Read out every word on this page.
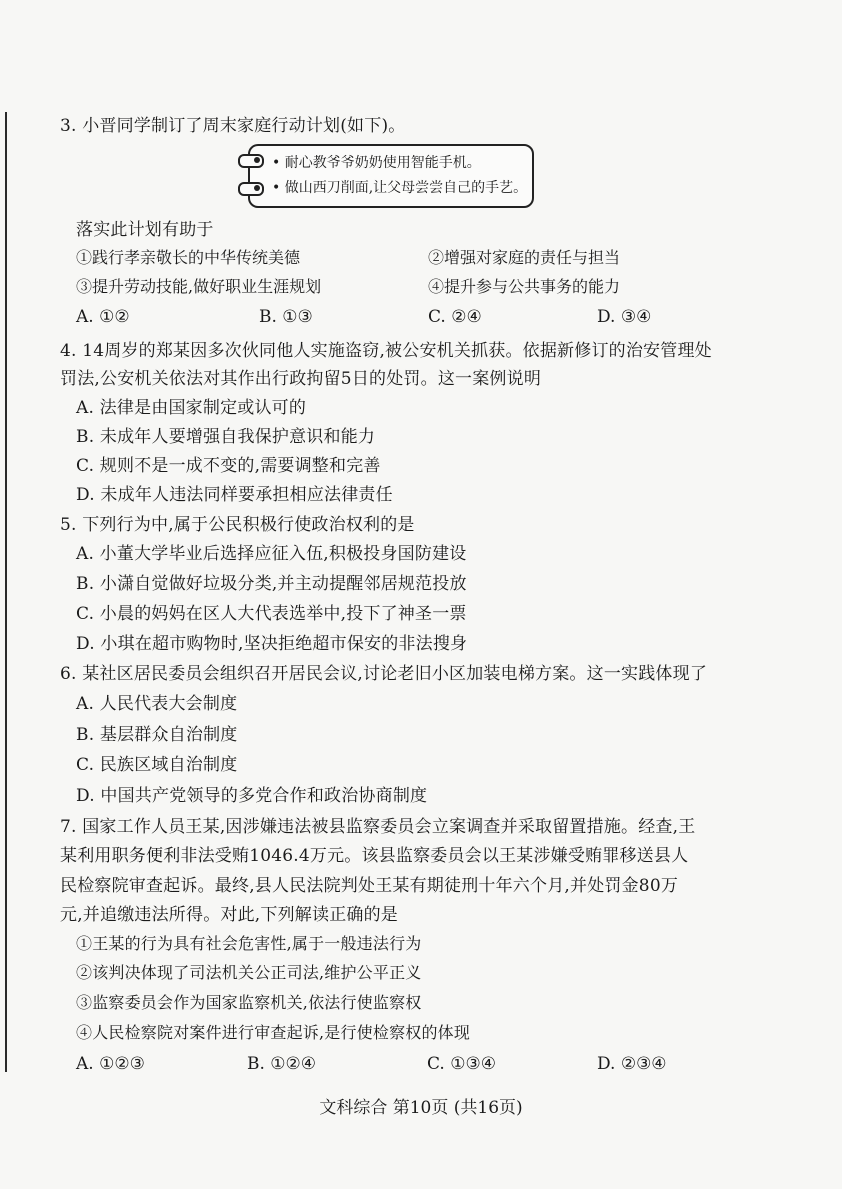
3. 小晋同学制订了周末家庭行动计划(如下)。
• 耐心教爷爷奶奶使用智能手机。
• 做山西刀削面,让父母尝尝自己的手艺。
落实此计划有助于
①践行孝亲敬长的中华传统美德	②增强对家庭的责任与担当
③提升劳动技能,做好职业生涯规划	④提升参与公共事务的能力
A. ①②	B. ①③	C. ②④	D. ③④
4. 14周岁的郑某因多次伙同他人实施盗窃,被公安机关抓获。依据新修订的治安管理处
罚法,公安机关依法对其作出行政拘留5日的处罚。这一案例说明
A. 法律是由国家制定或认可的
B. 未成年人要增强自我保护意识和能力
C. 规则不是一成不变的,需要调整和完善
D. 未成年人违法同样要承担相应法律责任
5. 下列行为中,属于公民积极行使政治权利的是
A. 小董大学毕业后选择应征入伍,积极投身国防建设
B. 小潇自觉做好垃圾分类,并主动提醒邻居规范投放
C. 小晨的妈妈在区人大代表选举中,投下了神圣一票
D. 小琪在超市购物时,坚决拒绝超市保安的非法搜身
6. 某社区居民委员会组织召开居民会议,讨论老旧小区加装电梯方案。这一实践体现了
A. 人民代表大会制度
B. 基层群众自治制度
C. 民族区域自治制度
D. 中国共产党领导的多党合作和政治协商制度
7. 国家工作人员王某,因涉嫌违法被县监察委员会立案调查并采取留置措施。经查,王
某利用职务便利非法受贿1046.4万元。该县监察委员会以王某涉嫌受贿罪移送县人
民检察院审查起诉。最终,县人民法院判处王某有期徒刑十年六个月,并处罚金80万
元,并追缴违法所得。对此,下列解读正确的是
①王某的行为具有社会危害性,属于一般违法行为
②该判决体现了司法机关公正司法,维护公平正义
③监察委员会作为国家监察机关,依法行使监察权
④人民检察院对案件进行审查起诉,是行使检察权的体现
A. ①②③	B. ①②④	C. ①③④	D. ②③④
文科综合 第10页 (共16页)
